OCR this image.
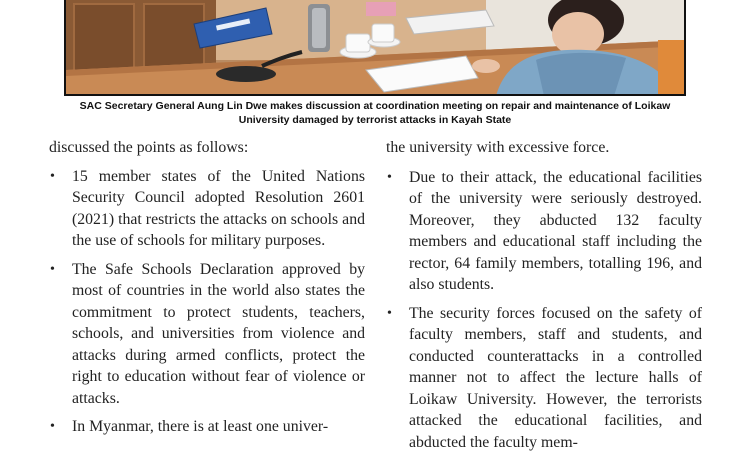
SAC Secretary General Aung Lin Dwe makes discussion at coordination meeting on repair and maintenance of Loikaw
University damaged by terrorist attacks in Kayah State

discussed the points as follows:

• 15 member states of the United Nations Security Council adopted Resolution 2601 (2021) that restricts the attacks on schools and the use of schools for military purposes.
• The Safe Schools Declaration approved by most of countries in the world also states the commitment to protect students, teachers, schools, and universities from violence and attacks during armed conflicts, protect the right to education without fear of violence or attacks.
• In Myanmar, there is at least one univer-

the university with excessive force.

• Due to their attack, the educational facilities of the university were seriously destroyed. Moreover, they abducted 132 faculty members and educational staff including the rector, 64 family members, totalling 196, and also students.
• The security forces focused on the safety of faculty members, staff and students, and conducted counterattacks in a controlled manner not to affect the lecture halls of Loikaw University. However, the terrorists attacked the educational facilities, and abducted the faculty mem-
